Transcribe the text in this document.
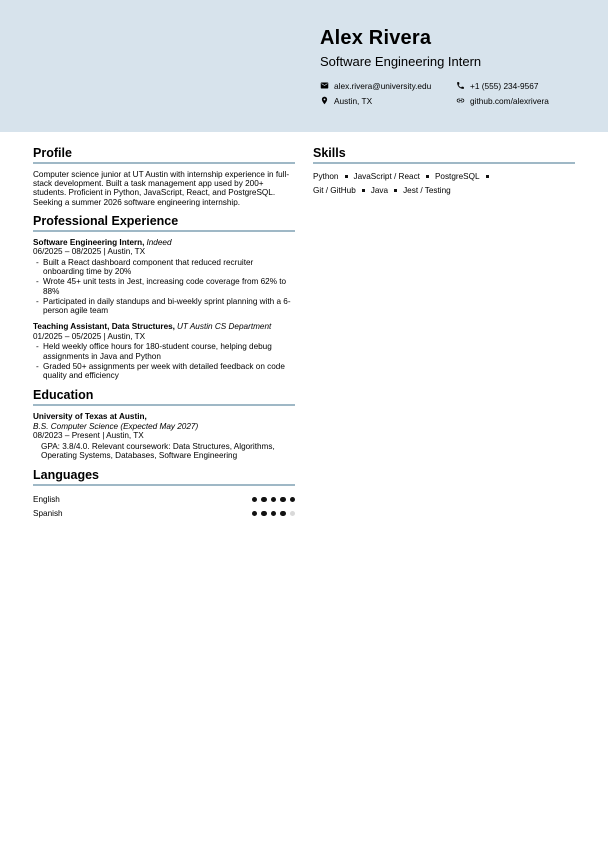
Alex Rivera
Software Engineering Intern
alex.rivera@university.edu	+1 (555) 234-9567
Austin, TX	github.com/alexrivera
Profile
Computer science junior at UT Austin with internship experience in full-stack development. Built a task management app used by 200+ students. Proficient in Python, JavaScript, React, and PostgreSQL. Seeking a summer 2026 software engineering internship.
Professional Experience
Software Engineering Intern, Indeed
06/2025 – 08/2025 | Austin, TX
- Built a React dashboard component that reduced recruiter onboarding time by 20%
- Wrote 45+ unit tests in Jest, increasing code coverage from 62% to 88%
- Participated in daily standups and bi-weekly sprint planning with a 6-person agile team
Teaching Assistant, Data Structures, UT Austin CS Department
01/2025 – 05/2025 | Austin, TX
- Held weekly office hours for 180-student course, helping debug assignments in Java and Python
- Graded 50+ assignments per week with detailed feedback on code quality and efficiency
Education
University of Texas at Austin,
B.S. Computer Science (Expected May 2027)
08/2023 – Present | Austin, TX
GPA: 3.8/4.0. Relevant coursework: Data Structures, Algorithms, Operating Systems, Databases, Software Engineering
Languages
English
Spanish
Skills
Python JavaScript / React PostgreSQLGit / GitHub Java Jest / Testing
